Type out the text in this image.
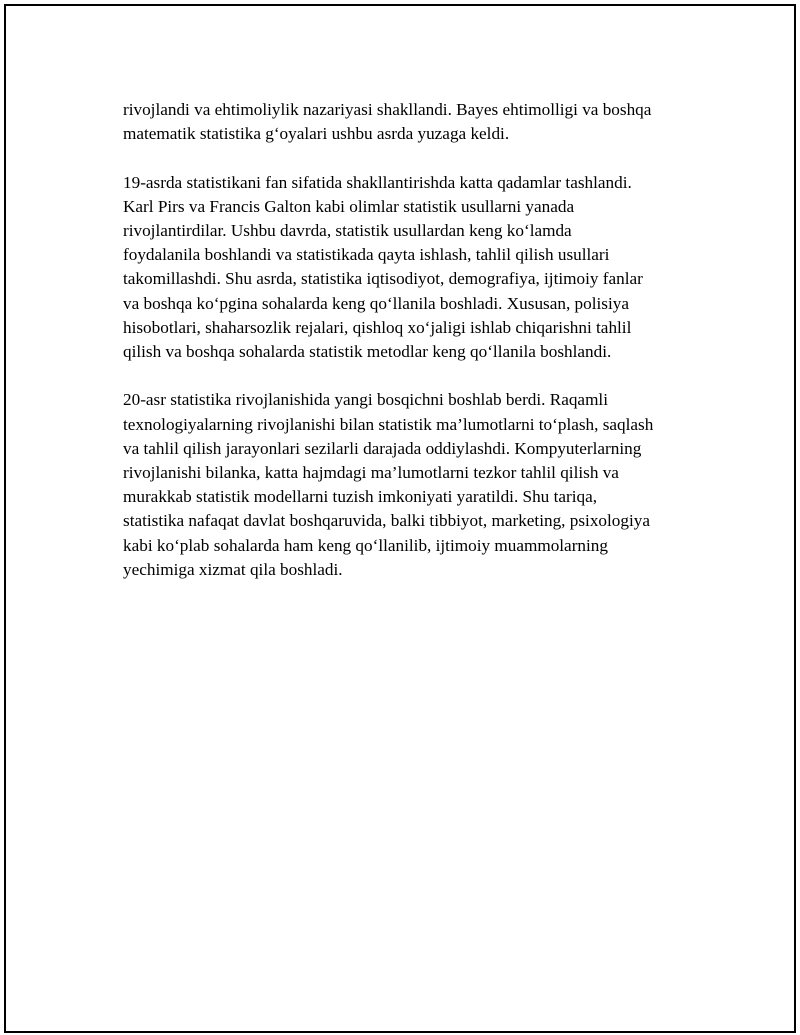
rivojlandi va ehtimoliylik nazariyasi shakllandi. Bayes ehtimolligi va boshqa
matematik statistika g‘oyalari ushbu asrda yuzaga keldi.

19-asrda statistikani fan sifatida shakllantirishda katta qadamlar tashlandi.
Karl Pirs va Francis Galton kabi olimlar statistik usullarni yanada
rivojlantirdilar. Ushbu davrda, statistik usullardan keng ko‘lamda
foydalanila boshlandi va statistikada qayta ishlash, tahlil qilish usullari
takomillashdi. Shu asrda, statistika iqtisodiyot, demografiya, ijtimoiy fanlar
va boshqa ko‘pgina sohalarda keng qo‘llanila boshladi. Xususan, polisiya
hisobotlari, shaharsozlik rejalari, qishloq xo‘jaligi ishlab chiqarishni tahlil
qilish va boshqa sohalarda statistik metodlar keng qo‘llanila boshlandi.

20-asr statistika rivojlanishida yangi bosqichni boshlab berdi. Raqamli
texnologiyalarning rivojlanishi bilan statistik ma’lumotlarni to‘plash, saqlash
va tahlil qilish jarayonlari sezilarli darajada oddiylashdi. Kompyuterlarning
rivojlanishi bilanka, katta hajmdagi ma’lumotlarni tezkor tahlil qilish va
murakkab statistik modellarni tuzish imkoniyati yaratildi. Shu tariqa,
statistika nafaqat davlat boshqaruvida, balki tibbiyot, marketing, psixologiya
kabi ko‘plab sohalarda ham keng qo‘llanilib, ijtimoiy muammolarning
yechimiga xizmat qila boshladi.
